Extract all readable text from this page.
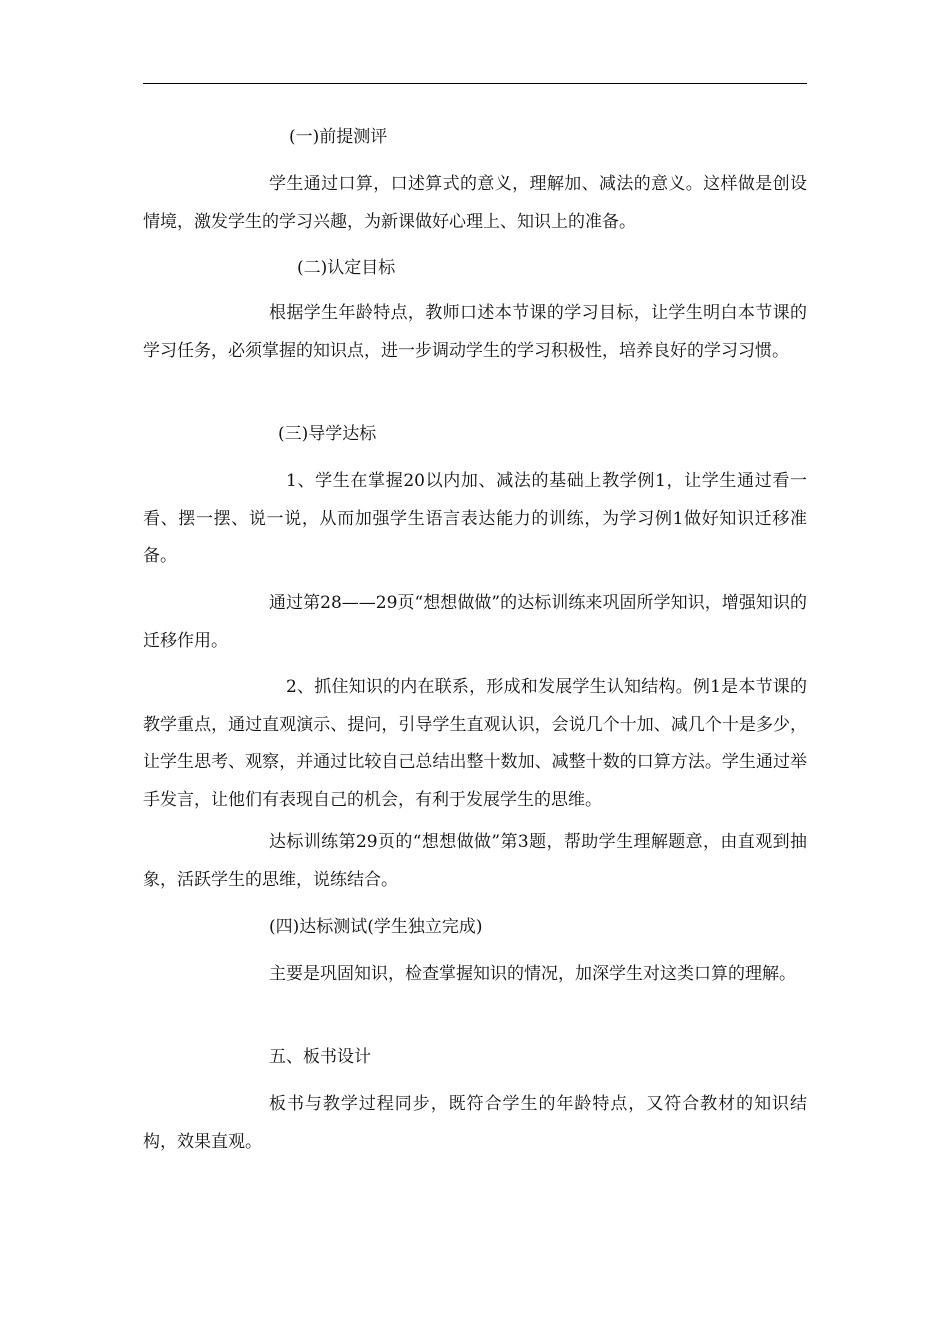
(一)前提测评
学生通过口算，口述算式的意义，理解加、减法的意义。这样做是创设情境，激发学生的学习兴趣，为新课做好心理上、知识上的准备。
(二)认定目标
根据学生年龄特点，教师口述本节课的学习目标，让学生明白本节课的学习任务，必须掌握的知识点，进一步调动学生的学习积极性，培养良好的学习习惯。
(三)导学达标
1、学生在掌握20以内加、减法的基础上教学例1，让学生通过看一看、摆一摆、说一说，从而加强学生语言表达能力的训练，为学习例1做好知识迁移准备。
通过第28——29页“想想做做”的达标训练来巩固所学知识，增强知识的迁移作用。
2、抓住知识的内在联系，形成和发展学生认知结构。例1是本节课的教学重点，通过直观演示、提问，引导学生直观认识，会说几个十加、减几个十是多少，让学生思考、观察，并通过比较自己总结出整十数加、减整十数的口算方法。学生通过举手发言，让他们有表现自己的机会，有利于发展学生的思维。
达标训练第29页的“想想做做”第3题，帮助学生理解题意，由直观到抽象，活跃学生的思维，说练结合。
(四)达标测试(学生独立完成)
主要是巩固知识，检查掌握知识的情况，加深学生对这类口算的理解。
五、板书设计
板书与教学过程同步，既符合学生的年龄特点，又符合教材的知识结构，效果直观。
